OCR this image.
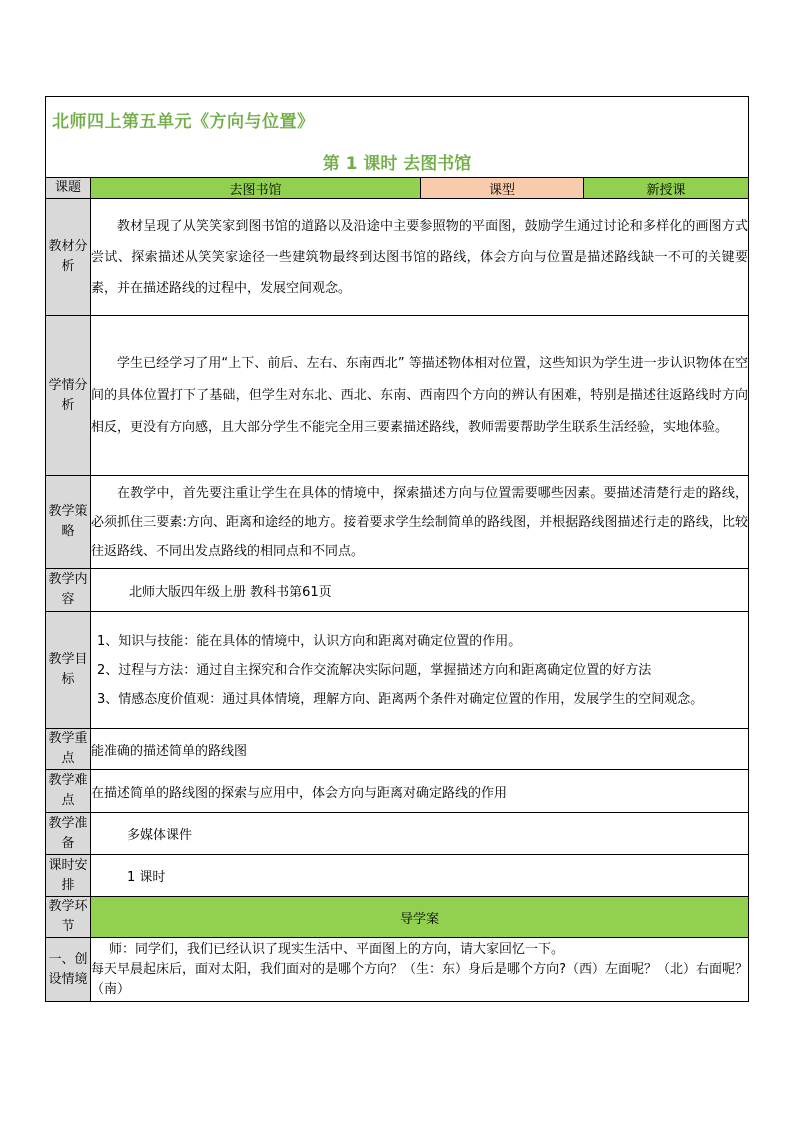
北师四上第五单元《方向与位置》
第 1 课时 去图书馆			

课题	去图书馆	课型	新授课
教材分析	教材呈现了从笑笑家到图书馆的道路以及沿途中主要参照物的平面图，鼓励学生通过讨论和多样化的画图方式尝试、探索描述从笑笑家途径一些建筑物最终到达图书馆的路线，体会方向与位置是描述路线缺一不可的关键要素，并在描述路线的过程中，发展空间观念。		
学情分析	学生已经学习了用“上下、前后、左右、东南西北” 等描述物体相对位置，这些知识为学生进一步认识物体在空间的具体位置打下了基础，但学生对东北、西北、东南、西南四个方向的辨认有困难，特别是描述往返路线时方向相反，更没有方向感，且大部分学生不能完全用三要素描述路线，教师需要帮助学生联系生活经验，实地体验。		
教学策略	在教学中，首先要注重让学生在具体的情境中，探索描述方向与位置需要哪些因素。要描述清楚行走的路线，必须抓住三要素:方向、距离和途经的地方。接着要求学生绘制简单的路线图，并根据路线图描述行走的路线，比较往返路线、不同出发点路线的相同点和不同点。		
教学内容	北师大版四年级上册 教科书第61页		
教学目标	1、知识与技能：能在具体的情境中，认识方向和距离对确定位置的作用。
2、过程与方法：通过自主探究和合作交流解决实际问题，掌握描述方向和距离确定位置的好方法
3、情感态度价值观：通过具体情境，理解方向、距离两个条件对确定位置的作用，发展学生的空间观念。		

教学重点	能准确的描述简单的路线图		
教学难点	在描述简单的路线图的探索与应用中，体会方向与距离对确定路线的作用		
教学准备	多媒体课件		
课时安排	1 课时		
教学环节	导学案		
一、创设情境	师：同学们，我们已经认识了现实生活中、平面图上的方向，请大家回忆一下。
每天早晨起床后，面对太阳，我们面对的是哪个方向？（生：东）身后是哪个方向?（西）左面呢？（北）右面呢？（南）		
